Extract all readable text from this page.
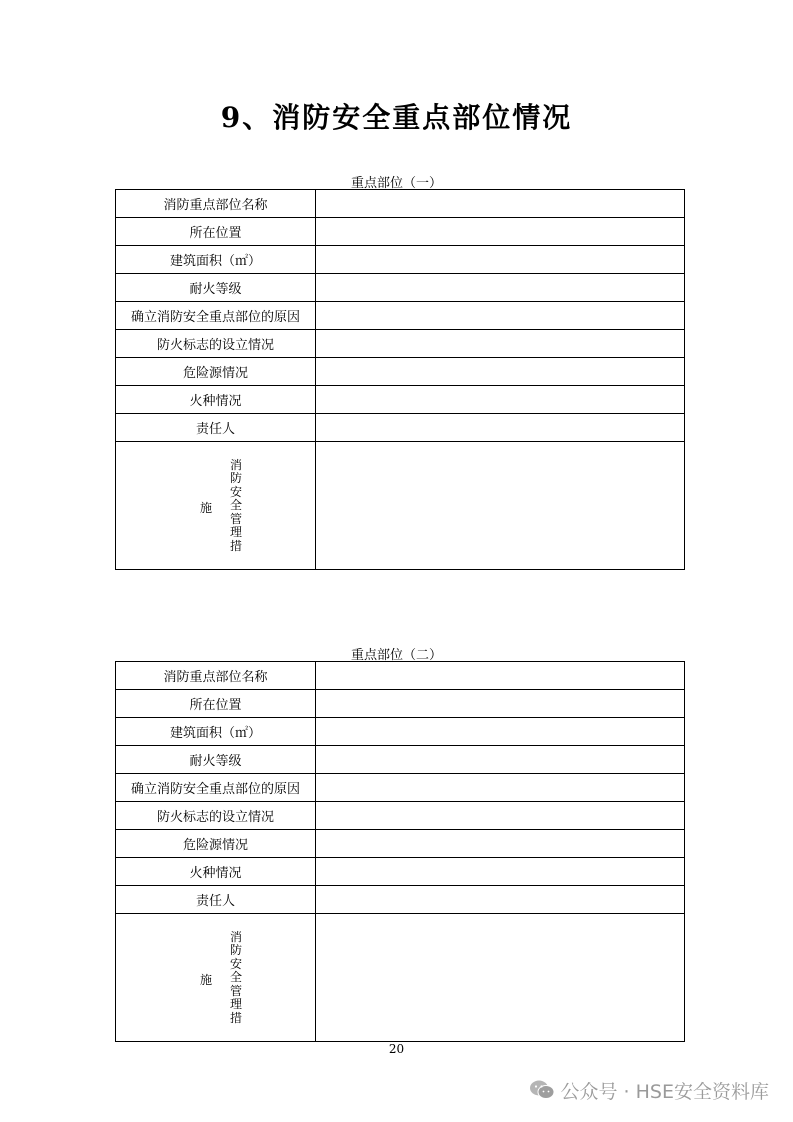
9、消防安全重点部位情况
重点部位（一）
消防重点部位名称	
所在位置	
建筑面积（㎡）	
耐火等级	
确立消防安全重点部位的原因	
防火标志的设立情况	
危险源情况	
火种情况	
责任人	

施
消防安全管理措	

重点部位（二）
消防重点部位名称	
所在位置	
建筑面积（㎡）	
耐火等级	
确立消防安全重点部位的原因	
防火标志的设立情况	
危险源情况	
火种情况	
责任人	

施
消防安全管理措	

20
公众号 · HSE安全资料库
